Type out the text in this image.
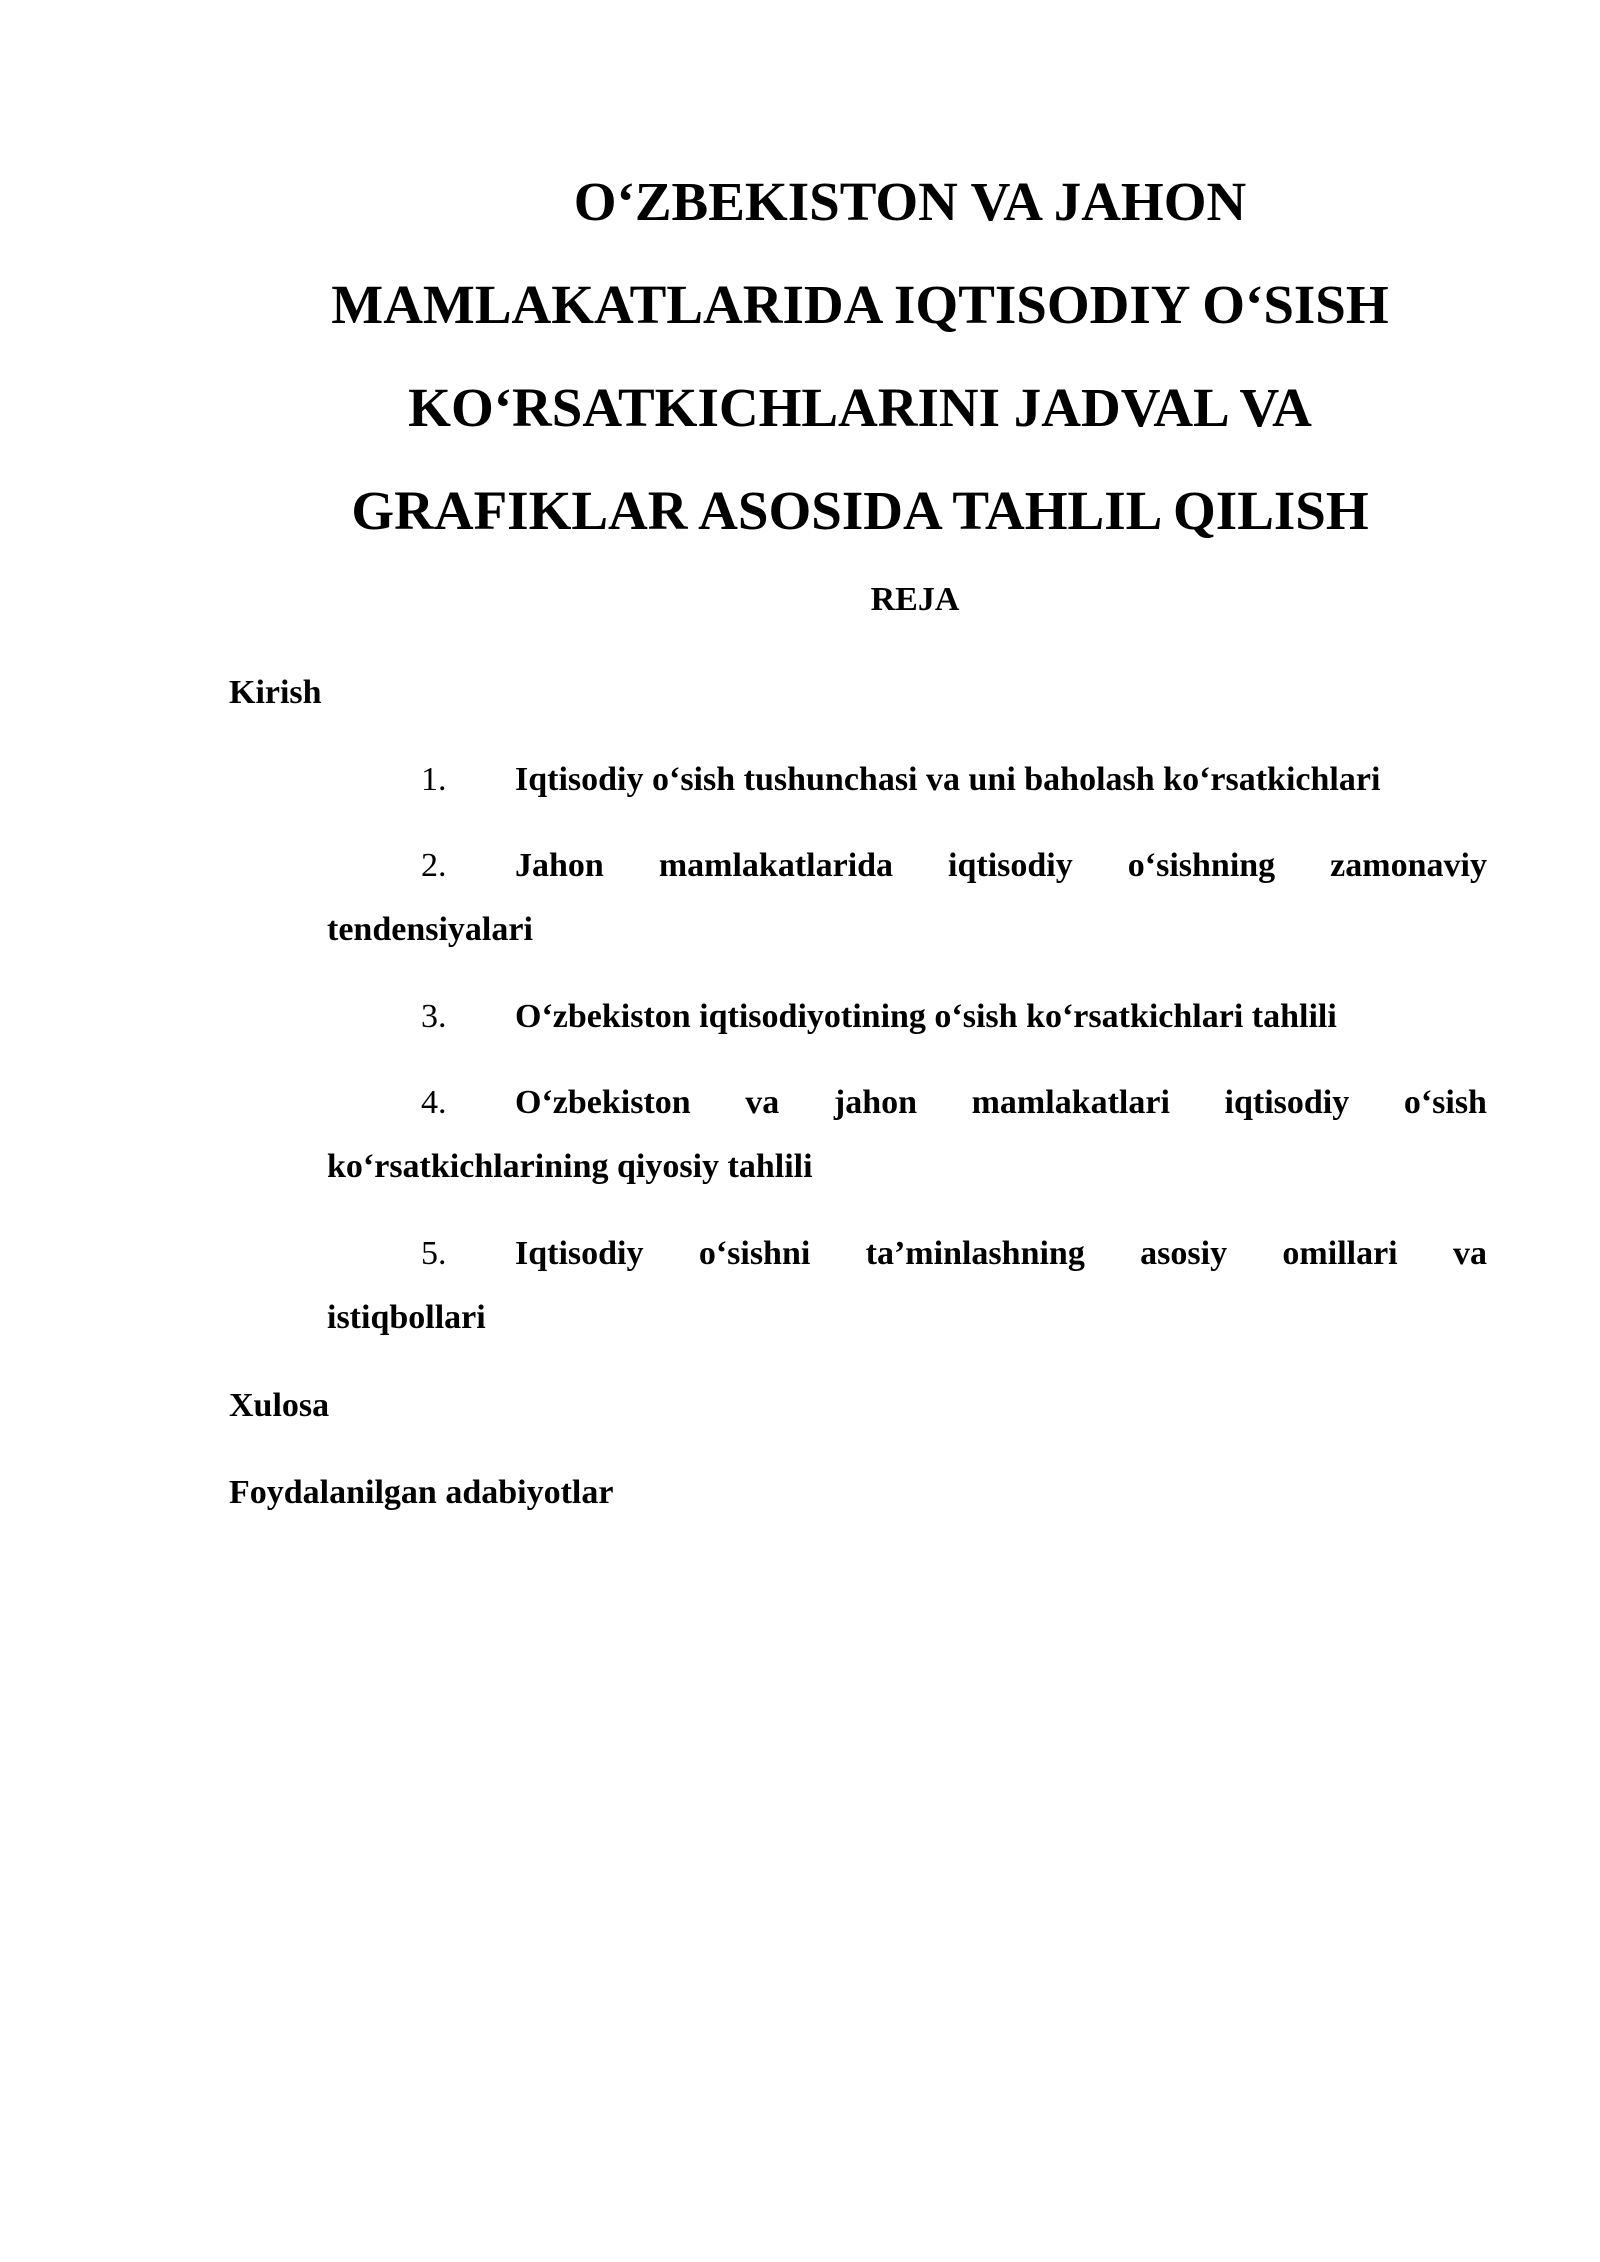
O‘ZBEKISTON VA JAHON
MAMLAKATLARIDA IQTISODIY O‘SISH
KO‘RSATKICHLARINI JADVAL VA
GRAFIKLAR ASOSIDA TAHLIL QILISH

REJA

Kirish

1.	Iqtisodiy o‘sish tushunchasi va uni baholash ko‘rsatkichlari
2.	Jahon mamlakatlarida iqtisodiy o‘sishning zamonaviy
tendensiyalari
3.	O‘zbekiston iqtisodiyotining o‘sish ko‘rsatkichlari tahlili
4.	O‘zbekiston va jahon mamlakatlari iqtisodiy o‘sish
ko‘rsatkichlarining qiyosiy tahlili
5.	Iqtisodiy o‘sishni ta’minlashning asosiy omillari va
istiqbollari

Xulosa

Foydalanilgan adabiyotlar
